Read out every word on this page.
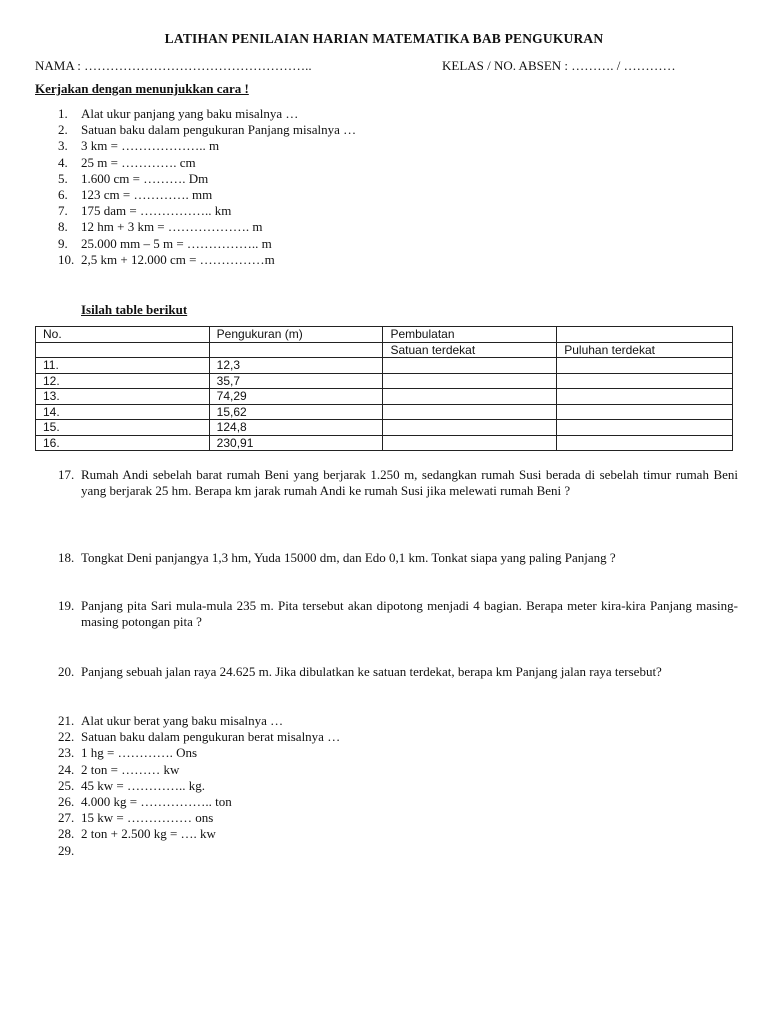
LATIHAN PENILAIAN HARIAN MATEMATIKA BAB PENGUKURAN
NAMA : ……………………………………………..	KELAS / NO. ABSEN : ………. / …………
Kerjakan dengan menunjukkan cara !
1.	Alat ukur panjang yang baku misalnya …
2.	Satuan baku dalam pengukuran Panjang misalnya …
3.	3 km = ……………….. m
4.	25 m = …………. cm
5.	1.600 cm = ………. Dm
6.	123 cm = …………. mm
7.	175 dam = …………….. km
8.	12 hm + 3 km = ………………. m
9.	25.000 mm – 5 m = …………….. m
10. 2,5 km + 12.000 cm = ……………m
Isilah table berikut
No.	Pengukuran (m)	Pembulatan	
		Satuan terdekat	Puluhan terdekat
11.	12,3		
12.	35,7		
13.	74,29		
14.	15,62		
15.	124,8		
16.	230,91		
17. Rumah Andi sebelah barat rumah Beni yang berjarak 1.250 m, sedangkan rumah Susi berada di sebelah timur rumah Beni yang berjarak 25 hm. Berapa km jarak rumah Andi ke rumah Susi jika melewati rumah Beni ?
18. Tongkat Deni panjangya 1,3 hm, Yuda 15000 dm, dan Edo 0,1 km. Tonkat siapa yang paling Panjang ?
19. Panjang pita Sari mula-mula 235 m. Pita tersebut akan dipotong menjadi 4 bagian. Berapa meter kira-kira Panjang masing-masing potongan pita ?
20. Panjang sebuah jalan raya 24.625 m. Jika dibulatkan ke satuan terdekat, berapa km Panjang jalan raya tersebut?
21. Alat ukur berat yang baku misalnya …
22. Satuan baku dalam pengukuran berat misalnya …
23. 1 hg = …………. Ons
24. 2 ton = ……… kw
25. 45 kw = ………….. kg.
26. 4.000 kg = …………….. ton
27. 15 kw = …………… ons
28. 2 ton + 2.500 kg = …. kw
29.
